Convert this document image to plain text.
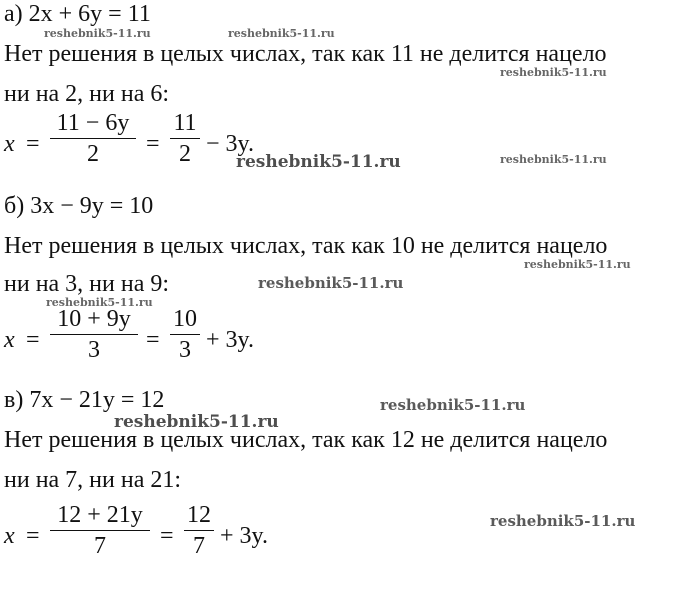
а) 2x + 6y = 11
Нет решения в целых числах, так как 11 не делится нацело
ни на 2, ни на 6:
x =
11 − 6y
2	=
11
2 − 3y.
б) 3x − 9y = 10
Нет решения в целых числах, так как 10 не делится нацело
ни на 3, ни на 9:
x =
10 + 9y
3	=
10
3 + 3y.
в) 7x − 21y = 12
Нет решения в целых числах, так как 12 не делится нацело
ни на 7, ни на 21:
x =
12 + 21y
7	=
12
7 + 3y.
reshebnik5-11.ru	reshebnik5-11.ru
reshebnik5-11.ru
reshebnik5-11.ru	reshebnik5-11.ru
reshebnik5-11.ru
reshebnik5-11.ru
reshebnik5-11.ru
reshebnik5-11.ru
reshebnik5-11.ru
reshebnik5-11.ru
